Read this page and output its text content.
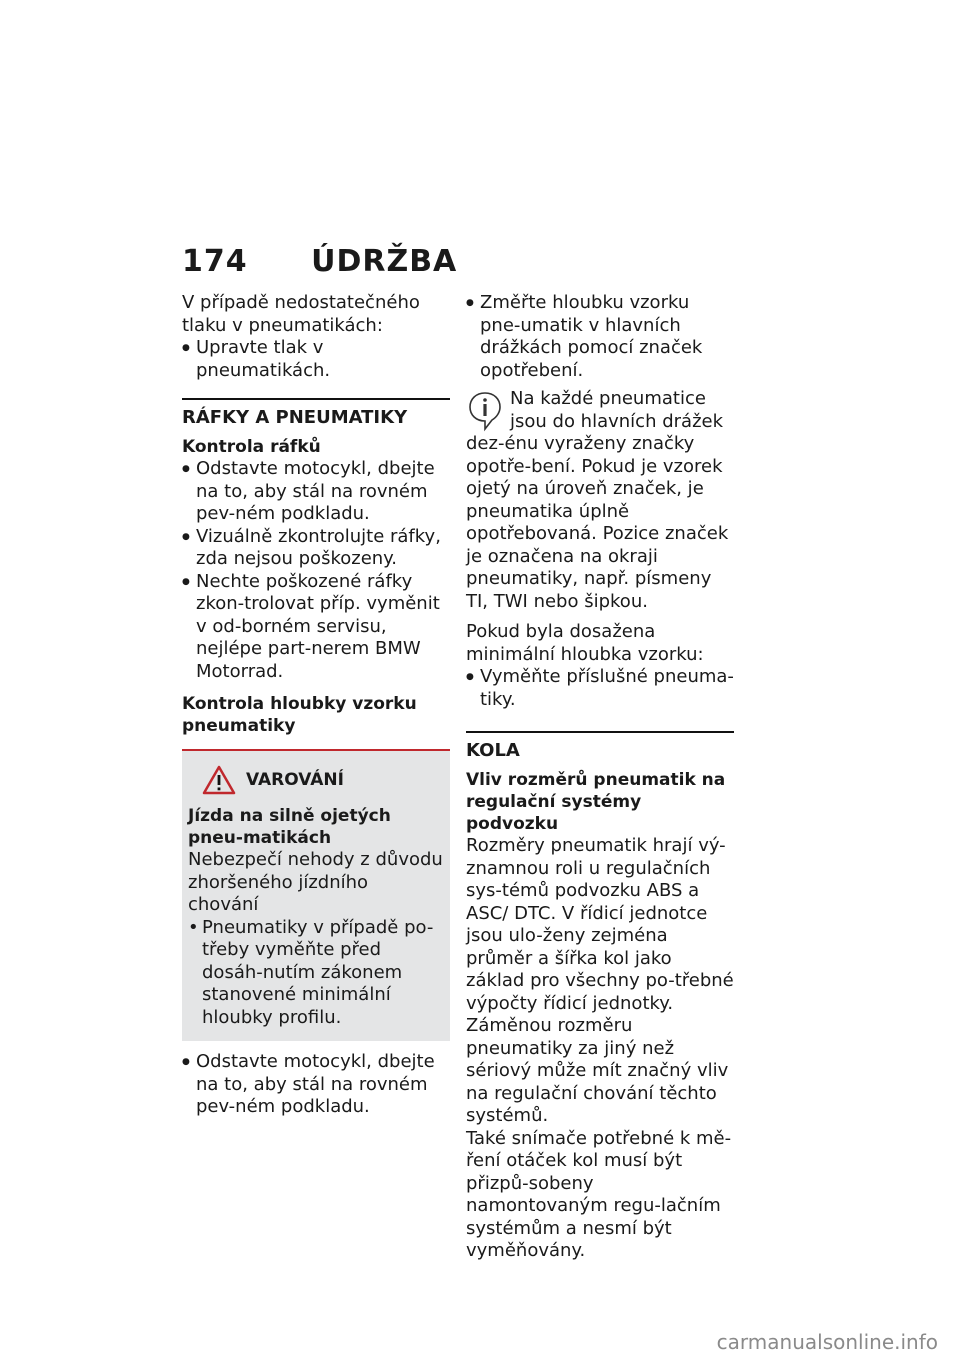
174 ÚDRŽBA

V případě nedostatečného tlaku v pneumatikách:

● Upravte tlak v pneumatikách.

RÁFKY A PNEUMATIKY
Kontrola ráfků

● Odstavte motocykl, dbejte na to, aby stál na rovném pev-ném podkladu.

● Vizuálně zkontrolujte ráfky, zda nejsou poškozeny.

● Nechte poškozené ráfky zkon-trolovat příp. vyměnit v od-borném servisu, nejlépe part-nerem BMW Motorrad.

Kontrola hloubky vzorku pneumatiky
VAROVÁNÍ

Jízda na silně ojetých pneu-matikách

Nebezpečí nehody z důvodu zhoršeného jízdního chování

• Pneumatiky v případě po-třeby vyměňte před dosáh-nutím zákonem stanovené minimální hloubky profilu.

● Odstavte motocykl, dbejte na to, aby stál na rovném pev-ném podkladu.

● Změřte hloubku vzorku pne-umatik v hlavních drážkách pomocí značek opotřebení.

Na každé pneumatice jsou do hlavních drážek dez-énu vyraženy značky opotře-bení. Pokud je vzorek ojetý na úroveň značek, je pneumatika úplně opotřebovaná. Pozice značek je označena na okraji pneumatiky, např. písmeny TI, TWI nebo šipkou.

Pokud byla dosažena minimální hloubka vzorku:

● Vyměňte příslušné pneuma-tiky.

KOLA
Vliv rozměrů pneumatik na regulační systémy podvozku

Rozměry pneumatik hrají vý-znamnou roli u regulačních sys-témů podvozku ABS a ASC/ DTC. V řídicí jednotce jsou ulo-ženy zejména průměr a šířka kol jako základ pro všechny po-třebné výpočty řídicí jednotky. Záměnou rozměru pneumatiky za jiný než sériový může mít značný vliv na regulační chování těchto systémů.

Také snímače potřebné k mě-ření otáček kol musí být přizpů-sobeny namontovaným regu-lačním systémům a nesmí být vyměňovány.

carmanualsonline.info
